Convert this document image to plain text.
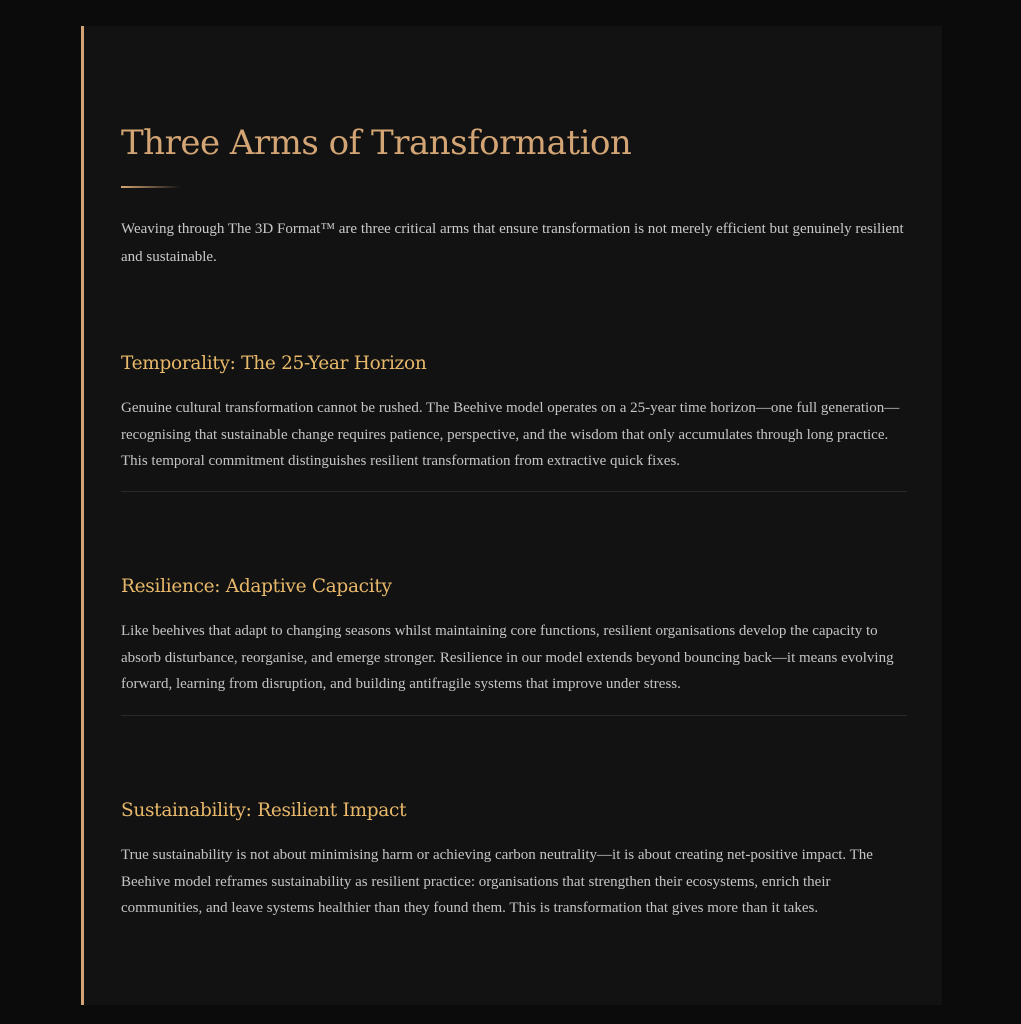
Three Arms of Transformation

Weaving through The 3D Format™ are three critical arms that ensure transformation is not merely efficient but genuinely resilient and sustainable.

Temporality: The 25-Year Horizon

Genuine cultural transformation cannot be rushed. The Beehive model operates on a 25-year time horizon—one full generation—recognising that sustainable change requires patience, perspective, and the wisdom that only accumulates through long practice. This temporal commitment distinguishes resilient transformation from extractive quick fixes.

Resilience: Adaptive Capacity

Like beehives that adapt to changing seasons whilst maintaining core functions, resilient organisations develop the capacity to absorb disturbance, reorganise, and emerge stronger. Resilience in our model extends beyond bouncing back—it means evolving forward, learning from disruption, and building antifragile systems that improve under stress.

Sustainability: Resilient Impact

True sustainability is not about minimising harm or achieving carbon neutrality—it is about creating net-positive impact. The Beehive model reframes sustainability as resilient practice: organisations that strengthen their ecosystems, enrich their communities, and leave systems healthier than they found them. This is transformation that gives more than it takes.
